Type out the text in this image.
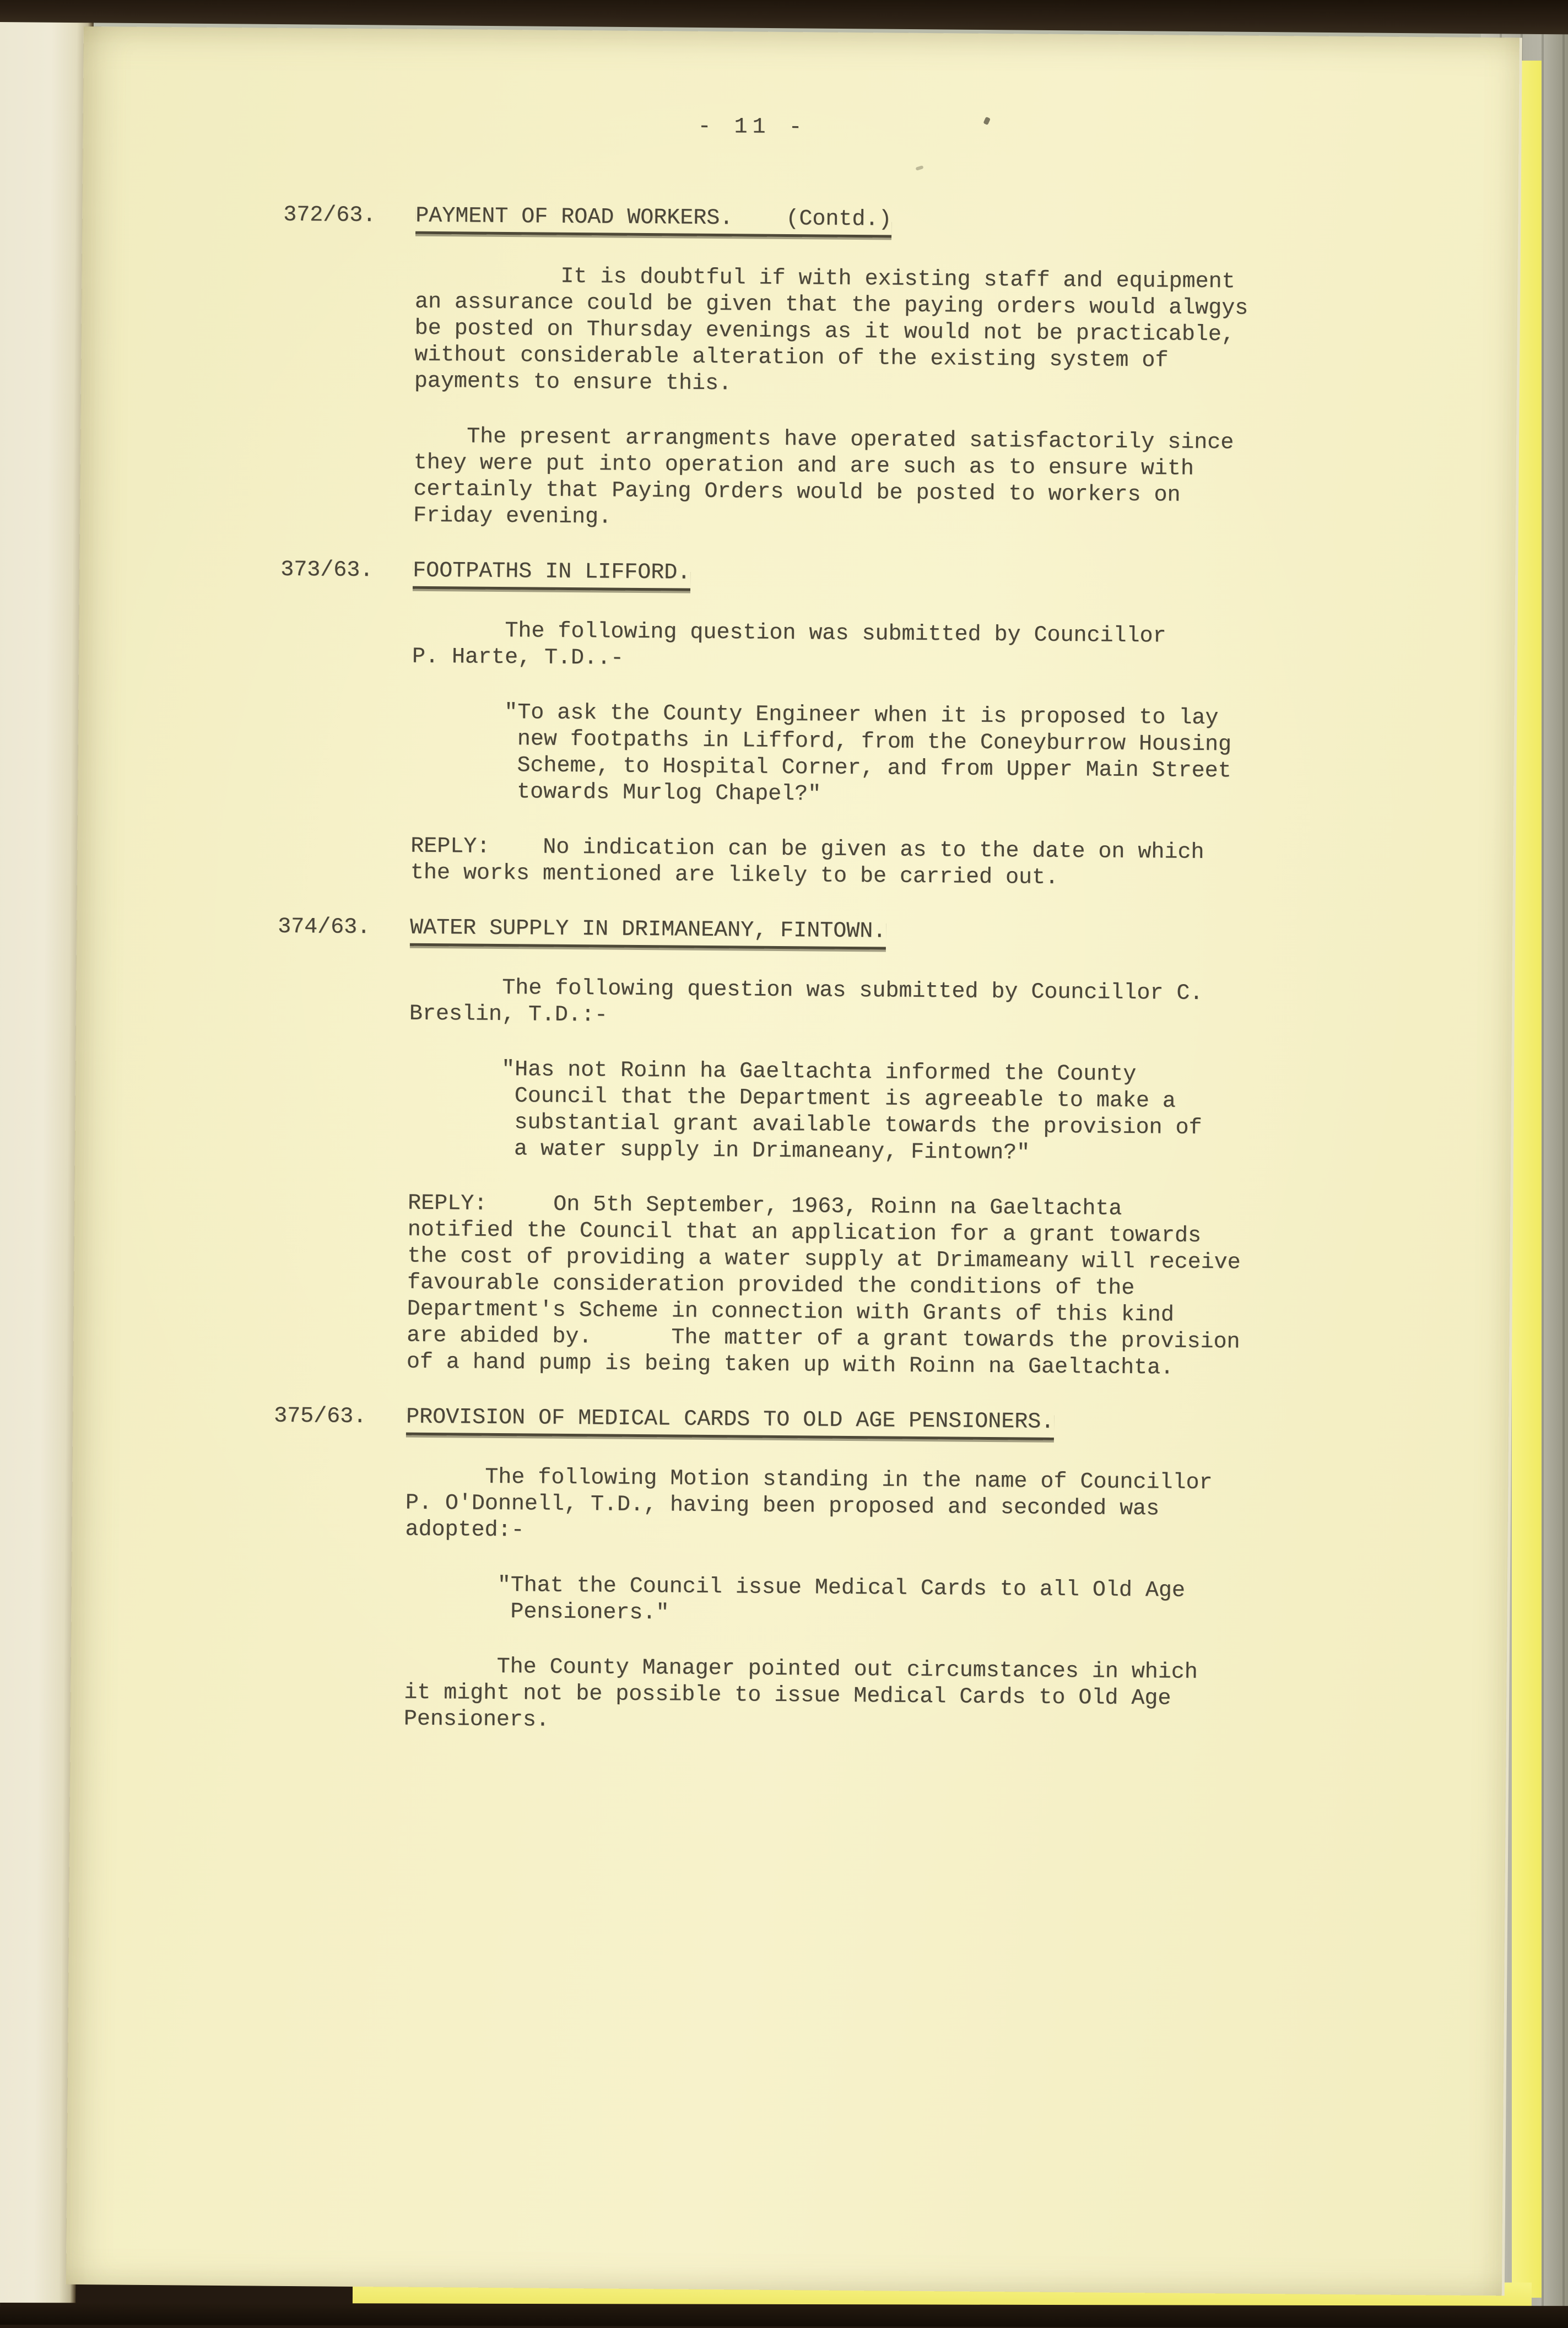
- 11 -
372/63. PAYMENT OF ROAD WORKERS.    (Contd.)

It is doubtful if with existing staff and equipment
an assurance could be given that the paying orders would alwgys
be posted on Thursday evenings as it would not be practicable,
without considerable alteration of the existing system of
payments to ensure this.

The present arrangments have operated satisfactorily since
they were put into operation and are such as to ensure with
certainly that Paying Orders would be posted to workers on
Friday evening.

373/63. FOOTPATHS IN LIFFORD.

The following question was submitted by Councillor
P. Harte, T.D..-

"To ask the County Engineer when it is proposed to lay
new footpaths in Lifford, from the Coneyburrow Housing
Scheme, to Hospital Corner, and from Upper Main Street
towards Murlog Chapel?"

REPLY:    No indication can be given as to the date on which
the works mentioned are likely to be carried out.

374/63. WATER SUPPLY IN DRIMANEANY, FINTOWN.

The following question was submitted by Councillor C.
Breslin, T.D.:-

"Has not Roinn ha Gaeltachta informed the County
Council that the Department is agreeable to make a
substantial grant available towards the provision of
a water supply in Drimaneany, Fintown?"

REPLY:     On 5th September, 1963, Roinn na Gaeltachta
notified the Council that an application for a grant towards
the cost of providing a water supply at Drimameany will receive
favourable consideration provided the conditions of the
Department's Scheme in connection with Grants of this kind
are abided by.      The matter of a grant towards the provision
of a hand pump is being taken up with Roinn na Gaeltachta.

375/63. PROVISION OF MEDICAL CARDS TO OLD AGE PENSIONERS.

The following Motion standing in the name of Councillor
P. O'Donnell, T.D., having been proposed and seconded was
adopted:-

"That the Council issue Medical Cards to all Old Age
Pensioners."

The County Manager pointed out circumstances in which
it might not be possible to issue Medical Cards to Old Age
Pensioners.
